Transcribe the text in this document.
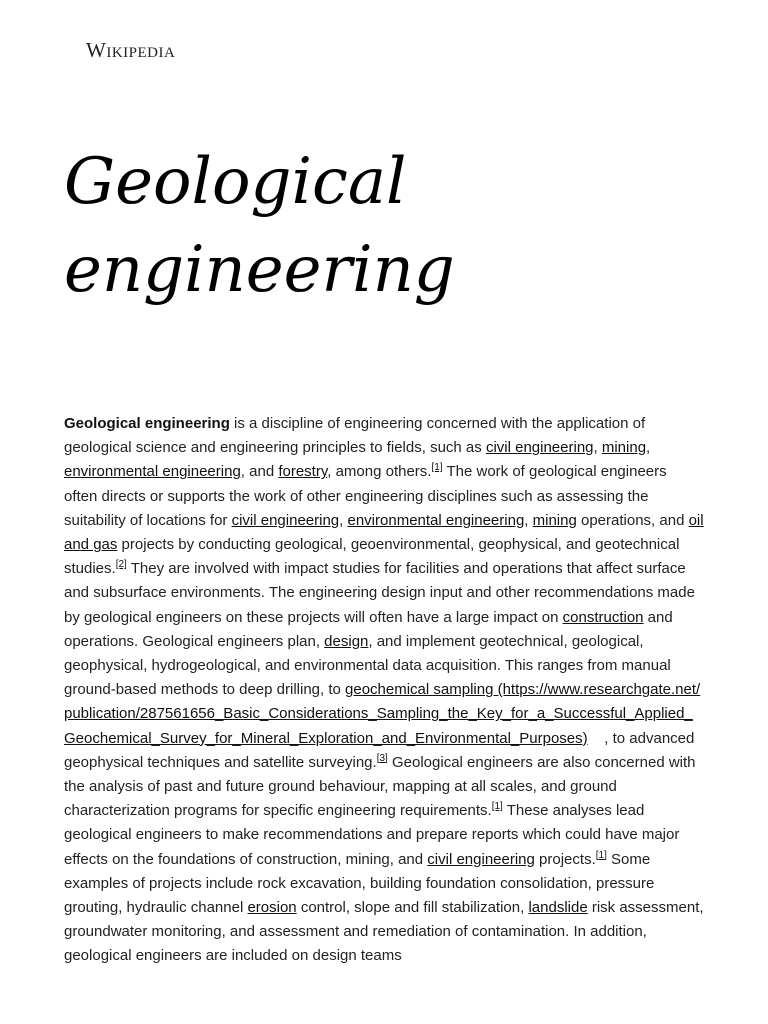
Wikipedia
Geological engineering

Geological engineering is a discipline of engineering concerned with the application of geological science and engineering principles to fields, such as civil engineering, mining, environmental engineering, and forestry, among others.[1] The work of geological engineers often directs or supports the work of other engineering disciplines such as assessing the suitability of locations for civil engineering, environmental engineering, mining operations, and oil and gas projects by conducting geological, geoenvironmental, geophysical, and geotechnical studies.[2] They are involved with impact studies for facilities and operations that affect surface and subsurface environments. The engineering design input and other recommendations made by geological engineers on these projects will often have a large impact on construction and operations. Geological engineers plan, design, and implement geotechnical, geological, geophysical, hydrogeological, and environmental data acquisition. This ranges from manual ground-based methods to deep drilling, to geochemical sampling (https://www.researchgate.net/publication/287561656_Basic_Considerations_Sampling_the_Key_for_a_Successful_Applied_Geochemical_Survey_for_Mineral_Exploration_and_Environmental_Purposes)    , to advanced geophysical techniques and satellite surveying.[3] Geological engineers are also concerned with the analysis of past and future ground behaviour, mapping at all scales, and ground characterization programs for specific engineering requirements.[1] These analyses lead geological engineers to make recommendations and prepare reports which could have major effects on the foundations of construction, mining, and civil engineering projects.[1] Some examples of projects include rock excavation, building foundation consolidation, pressure grouting, hydraulic channel erosion control, slope and fill stabilization, landslide risk assessment, groundwater monitoring, and assessment and remediation of contamination. In addition, geological engineers are included on design teams
